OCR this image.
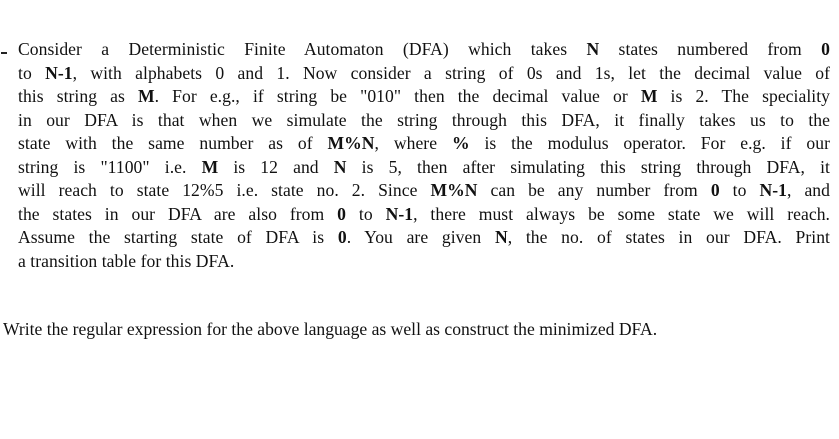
Consider a Deterministic Finite Automaton (DFA) which takes N states numbered from 0
to N-1, with alphabets 0 and 1. Now consider a string of 0s and 1s, let the decimal value of
this string as M. For e.g., if string be "010" then the decimal value or M is 2. The speciality
in our DFA is that when we simulate the string through this DFA, it finally takes us to the
state with the same number as of M%N, where % is the modulus operator. For e.g. if our
string is "1100" i.e. M is 12 and N is 5, then after simulating this string through DFA, it
will reach to state 12%5 i.e. state no. 2. Since M%N can be any number from 0 to N-1, and
the states in our DFA are also from 0 to N-1, there must always be some state we will reach.
Assume the starting state of DFA is 0. You are given N, the no. of states in our DFA. Print
a transition table for this DFA.
Write the regular expression for the above language as well as construct the minimized DFA.
